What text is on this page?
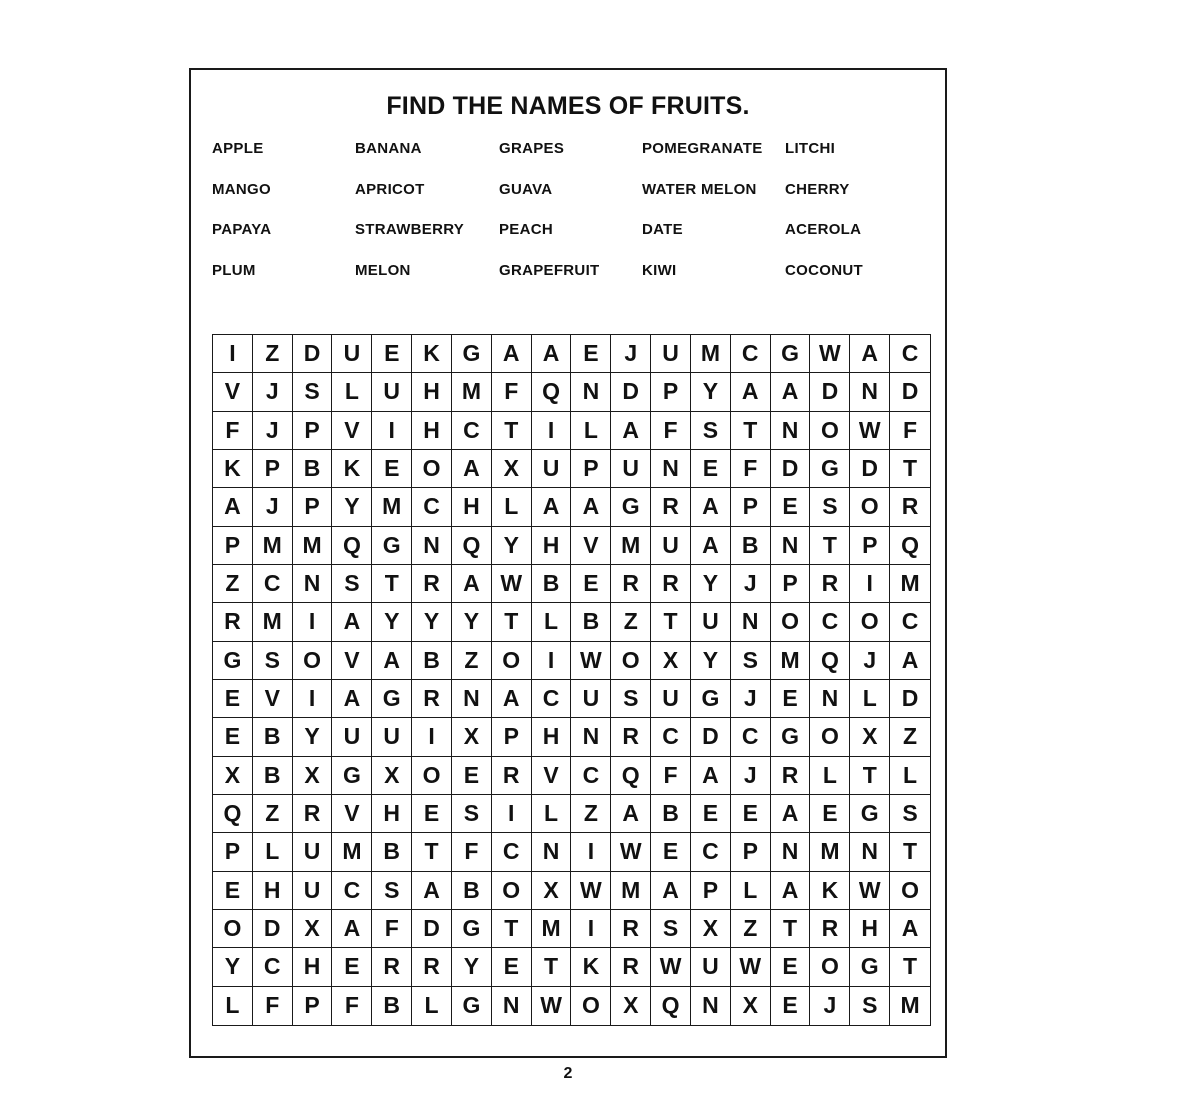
FIND THE NAMES OF FRUITS.
APPLE	BANANA	GRAPES	POMEGRANATE	LITCHI
MANGO	APRICOT	GUAVA	WATER MELON	CHERRY
PAPAYA	STRAWBERRY	PEACH	DATE	ACEROLA
PLUM	MELON	GRAPEFRUIT	KIWI	COCONUT
I	Z	D	U	E	K G A	A	E	J	U M C G W A	C
V	J	S	L	U	H M	F	Q N	D	P	Y	A	A	D	N	D
F	J	P	V	I	H	C	T	I	L	A	F	S	T	N O W F
K	P	B	K	E	O A	X	U	P	U	N	E	F	D G D	T
A	J	P	Y M C	H	L	A	A G R	A	P	E	S	O	R
P M M Q G N Q	Y	H	V M U	A	B	N	T	P	Q
Z	C	N	S	T	R	A W B	E	R	R	Y	J	P	R	I	M
R M	I	A	Y	Y	Y	T	L	B	Z	T	U	N O C O	C
G	S	O	V	A	B	Z	O	I	W O	X	Y	S M Q	J	A
E	V	I	A G R	N	A	C	U	S	U G	J	E	N	L	D
E	B	Y	U	U	I	X	P	H	N	R	C	D	C G O	X	Z
X	B	X	G	X	O	E	R	V	C Q	F	A	J	R	L	T	L
Q	Z	R	V	H	E	S	I	L	Z	A	B	E	E	A	E	G	S
P	L	U M B	T	F	C	N	I	W E	C	P	N M N	T
E	H	U	C	S	A	B O	X W M A	P	L	A	K W O
O D	X	A	F	D G	T	M	I	R	S	X	Z	T	R	H	A
Y	C	H	E	R	R	Y	E	T	K	R W U W E	O G	T
L	F	P	F	B	L	G N W O	X	Q N	X	E	J	S	M
2
